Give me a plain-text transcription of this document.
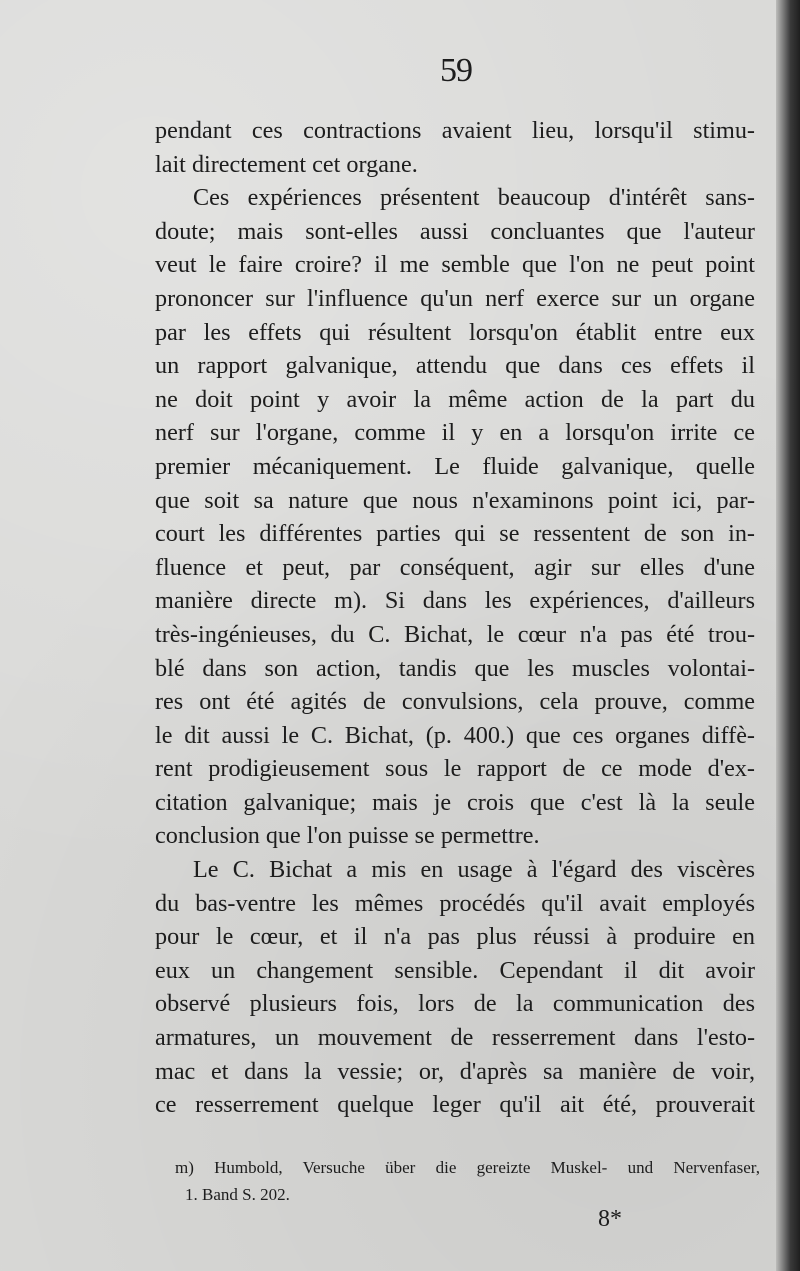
59
pendant ces contractions avaient lieu, lorsqu'il stimu-
lait directement cet organe.
Ces expériences présentent beaucoup d'intérêt sans-
doute; mais sont-elles aussi concluantes que l'auteur
veut le faire croire? il me semble que l'on ne peut point
prononcer sur l'influence qu'un nerf exerce sur un organe
par les effets qui résultent lorsqu'on établit entre eux
un rapport galvanique, attendu que dans ces effets il
ne doit point y avoir la même action de la part du
nerf sur l'organe, comme il y en a lorsqu'on irrite ce
premier mécaniquement. Le fluide galvanique, quelle
que soit sa nature que nous n'examinons point ici, par-
court les différentes parties qui se ressentent de son in-
fluence et peut, par conséquent, agir sur elles d'une
manière directe m). Si dans les expériences, d'ailleurs
très-ingénieuses, du C. Bichat, le cœur n'a pas été trou-
blé dans son action, tandis que les muscles volontai-
res ont été agités de convulsions, cela prouve, comme
le dit aussi le C. Bichat, (p. 400.) que ces organes diffè-
rent prodigieusement sous le rapport de ce mode d'ex-
citation galvanique; mais je crois que c'est là la seule
conclusion que l'on puisse se permettre.
Le C. Bichat a mis en usage à l'égard des viscères
du bas-ventre les mêmes procédés qu'il avait employés
pour le cœur, et il n'a pas plus réussi à produire en
eux un changement sensible. Cependant il dit avoir
observé plusieurs fois, lors de la communication des
armatures, un mouvement de resserrement dans l'esto-
mac et dans la vessie; or, d'après sa manière de voir,
ce resserrement quelque leger qu'il ait été, prouverait
m) Humbold, Versuche über die gereizte Muskel- und Nervenfaser,
1. Band S. 202.
8*
